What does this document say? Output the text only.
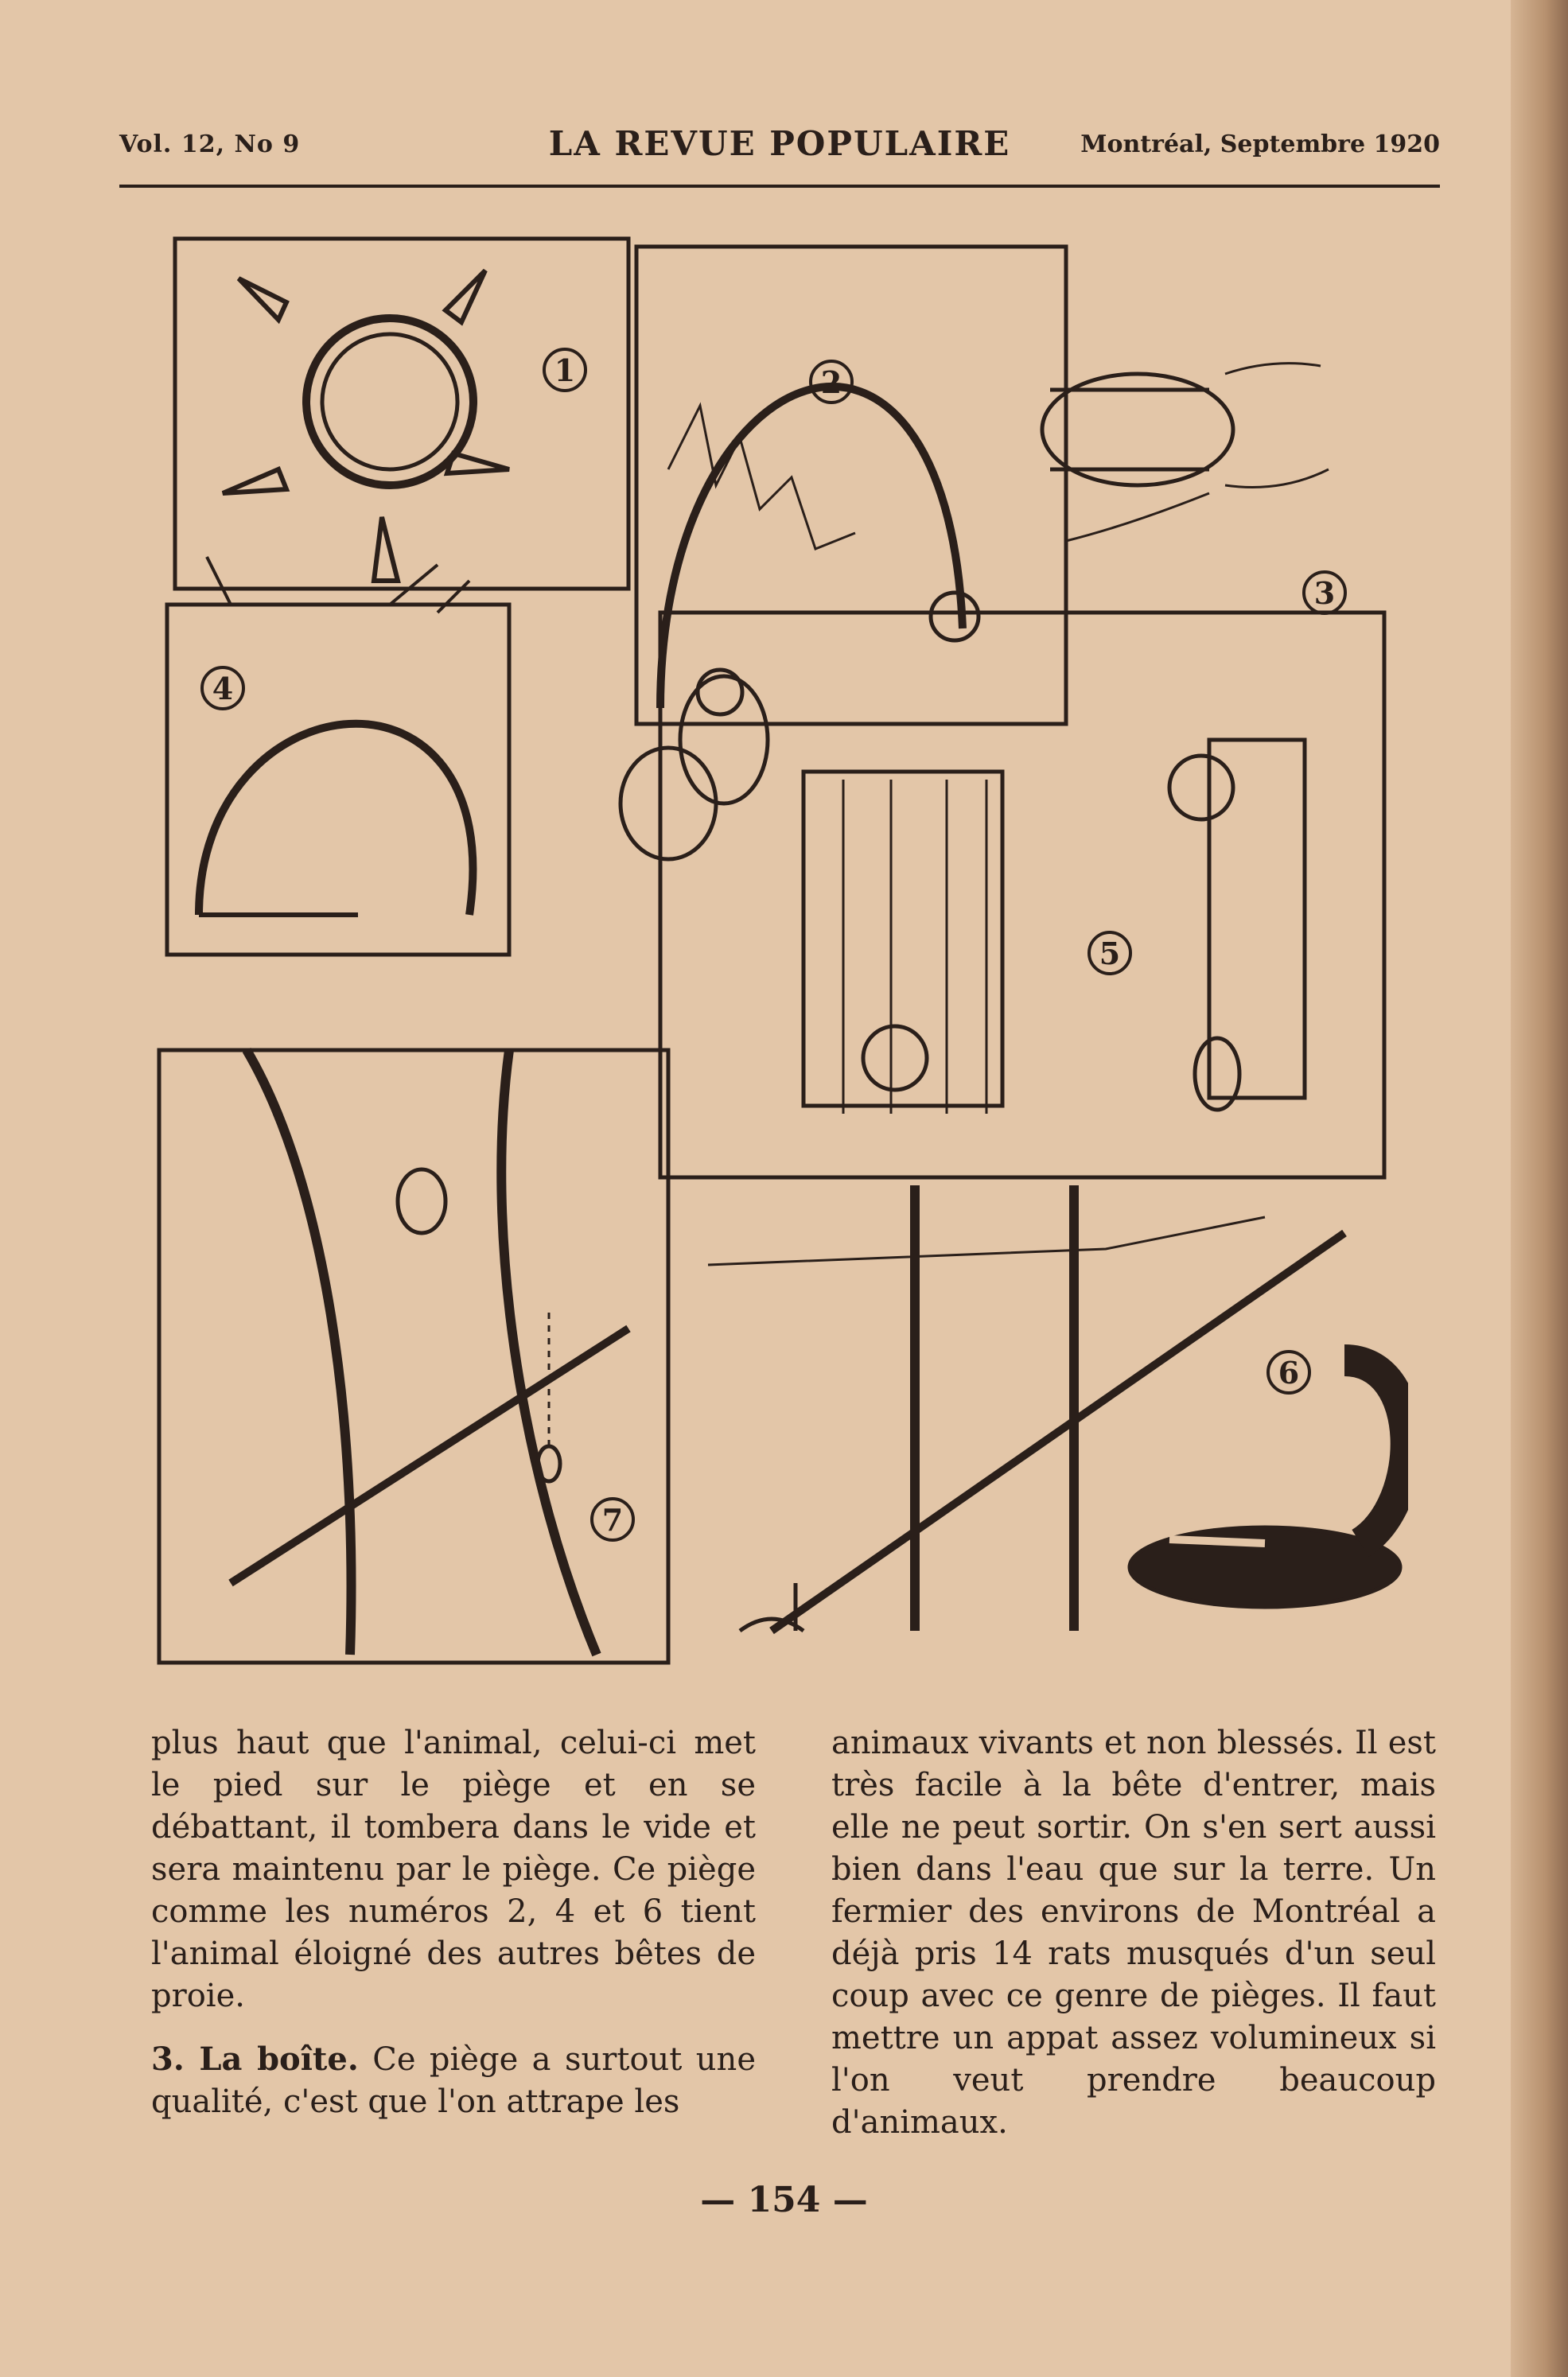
Vol. 12, No 9	LA REVUE POPULAIRE	Montréal, Septembre 1920
1	2
3
4
5
6
7

plus haut que l'animal, celui-ci met le pied sur le piège et en se débattant, il tombera dans le vide et sera maintenu par le piège. Ce piège comme les numéros 2, 4 et 6 tient l'animal éloigné des autres bêtes de proie.

3. La boîte. Ce piège a surtout une qualité, c'est que l'on attrape les

animaux vivants et non blessés. Il est très facile à la bête d'entrer, mais elle ne peut sortir. On s'en sert aussi bien dans l'eau que sur la terre. Un fermier des environs de Montréal a déjà pris 14 rats musqués d'un seul coup avec ce genre de pièges. Il faut mettre un appat assez volumineux si l'on veut prendre beaucoup d'animaux.

— 154 —
